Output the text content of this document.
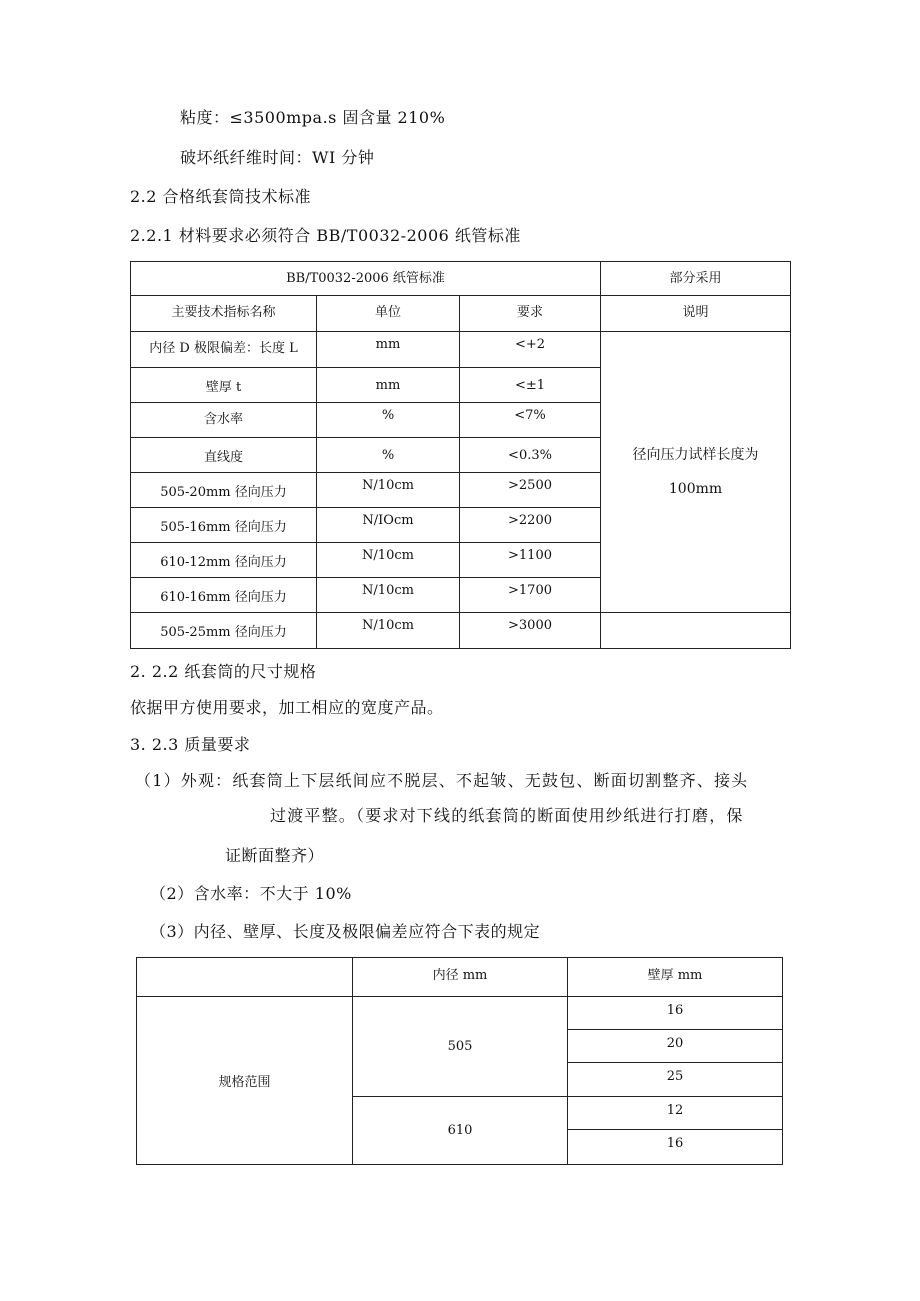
粘度：≤3500mpa.s 固含量 210%
破坏纸纤维时间：WI 分钟
2.2 合格纸套筒技术标准
2.2.1 材料要求必须符合 BB/T0032-2006 纸管标准
BB/T0032-2006 纸管标准			部分采用
主要技术指标名称	单位	要求	说明
内径 D 极限偏差：长度 L	mm	<+2	径向压力试样长度为
100mm

壁厚 t	mm	<±1	
含水率	%	<7%	
直线度	%	<0.3%	
505-20mm 径向压力	N/10cm	>2500	
505-16mm 径向压力	N/IOcm	>2200	
610-12mm 径向压力	N/10cm	>1100	
610-16mm 径向压力	N/10cm	>1700	
505-25mm 径向压力	N/10cm	>3000	
2. 2.2 纸套筒的尺寸规格
依据甲方使用要求，加工相应的宽度产品。
3. 2.3 质量要求
（1）外观：纸套筒上下层纸间应不脱层、不起皱、无鼓包、断面切割整齐、接头
过渡平整。（要求对下线的纸套筒的断面使用纱纸进行打磨，保
证断面整齐）
（2）含水率：不大于 10%
（3）内径、壁厚、长度及极限偏差应符合下表的规定
	内径 mm	壁厚 mm
规格范围	505	16
		20
		25
	610	12
		16
